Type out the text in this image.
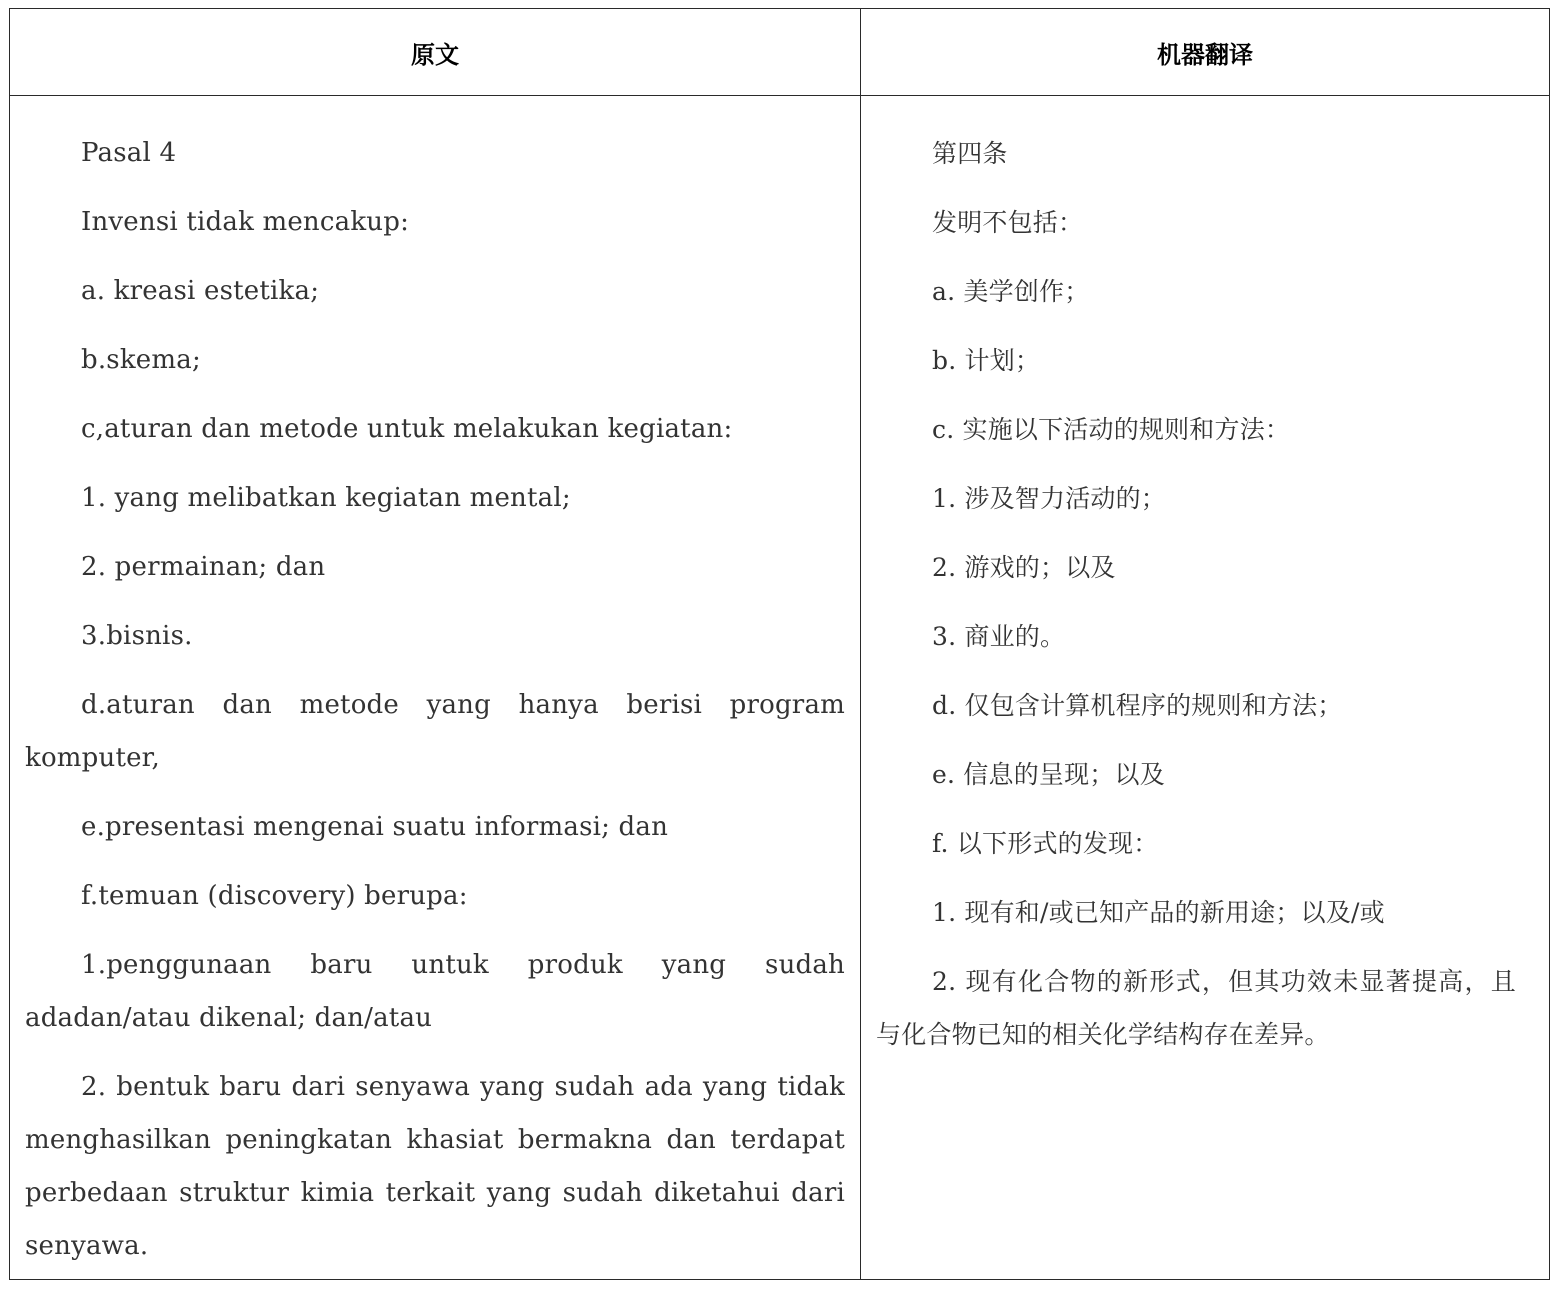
原文	机器翻译

Pasal 4

Invensi tidak mencakup:

a. kreasi estetika;

b.skema;

c,aturan dan metode untuk melakukan kegiatan:

1. yang melibatkan kegiatan mental;

2. permainan; dan

3.bisnis.

d.aturan dan metode yang hanya berisi program komputer,

e.presentasi mengenai suatu informasi; dan

f.temuan (discovery) berupa:

1.penggunaan baru untuk produk yang sudah adadan/atau dikenal; dan/atau

2. bentuk baru dari senyawa yang sudah ada yang tidak menghasilkan peningkatan khasiat bermakna dan terdapat perbedaan struktur kimia terkait yang sudah diketahui dari senyawa.

第四条

发明不包括：

a. 美学创作；

b. 计划；

c. 实施以下活动的规则和方法：

1. 涉及智力活动的；

2. 游戏的；以及

3. 商业的。

d. 仅包含计算机程序的规则和方法；

e. 信息的呈现；以及

f. 以下形式的发现：

1. 现有和/或已知产品的新用途；以及/或

2. 现有化合物的新形式，但其功效未显著提高，且与化合物已知的相关化学结构存在差异。
